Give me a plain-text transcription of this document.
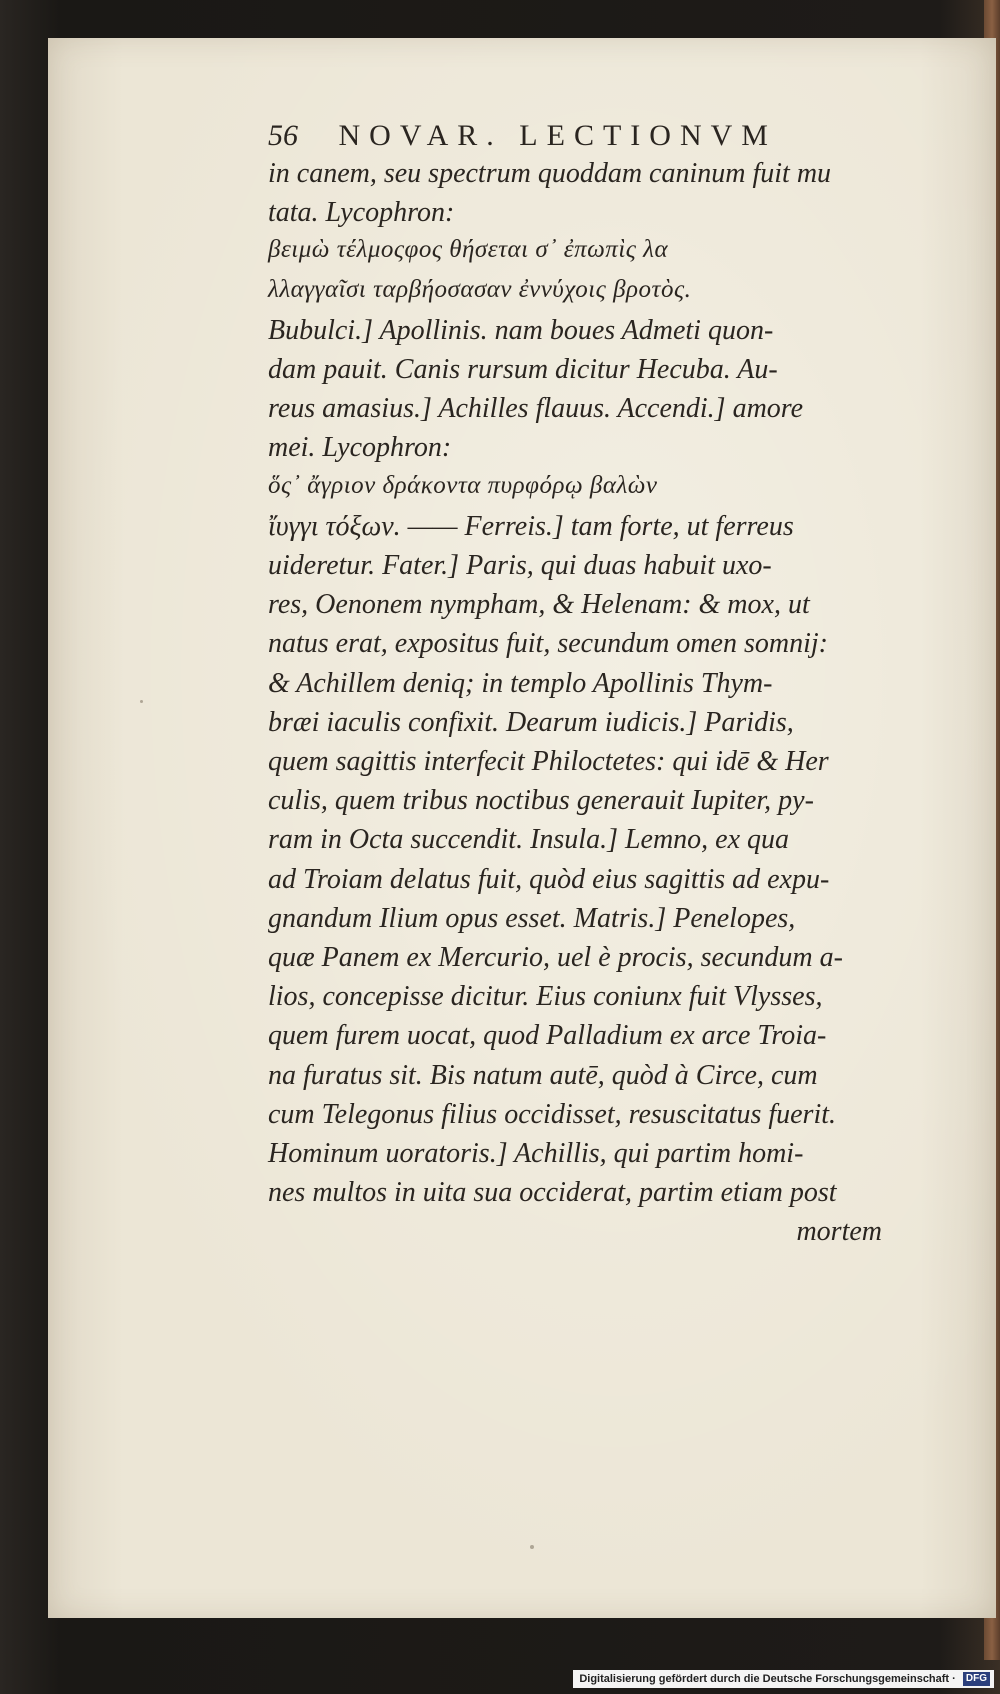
56 NOVAR. LECTIONVM
in canem, seu spectrum quoddam caninum fuit mu
tata. Lycophron:
βειμὼ τέλμοςφος θήσεται σ᾽ ἐπωπὶς λα
λλαγγαῖσι ταρβήοσασαν ἐννύχοις βροτὸς.
Bubulci.] Apollinis. nam boues Admeti quon-
dam pauit. Canis rursum dicitur Hecuba. Au-
reus amasius.] Achilles flauus. Accendi.] amore
mei. Lycophron:
ὅς᾽ ἄγριον δράκοντα πυρφόρῳ βαλὼν
ἴυγγι τόξων. —— Ferreis.] tam forte, ut ferreus
uideretur. Fater.] Paris, qui duas habuit uxo-
res, Oenonem nympham, & Helenam: & mox, ut
natus erat, expositus fuit, secundum omen somnij:
& Achillem deniq; in templo Apollinis Thym-
bræi iaculis confixit. Dearum iudicis.] Paridis,
quem sagittis interfecit Philoctetes: qui idē & Her
culis, quem tribus noctibus generauit Iupiter, py-
ram in Octa succendit. Insula.] Lemno, ex qua
ad Troiam delatus fuit, quòd eius sagittis ad expu-
gnandum Ilium opus esset. Matris.] Penelopes,
quæ Panem ex Mercurio, uel è procis, secundum a-
lios, concepisse dicitur. Eius coniunx fuit Vlysses,
quem furem uocat, quod Palladium ex arce Troia-
na furatus sit. Bis natum autē, quòd à Circe, cum
cum Telegonus filius occidisset, resuscitatus fuerit.
Hominum uoratoris.] Achillis, qui partim homi-
nes multos in uita sua occiderat, partim etiam post
mortem
Digitalisierung gefördert durch die Deutsche Forschungsgemeinschaft · DFG
